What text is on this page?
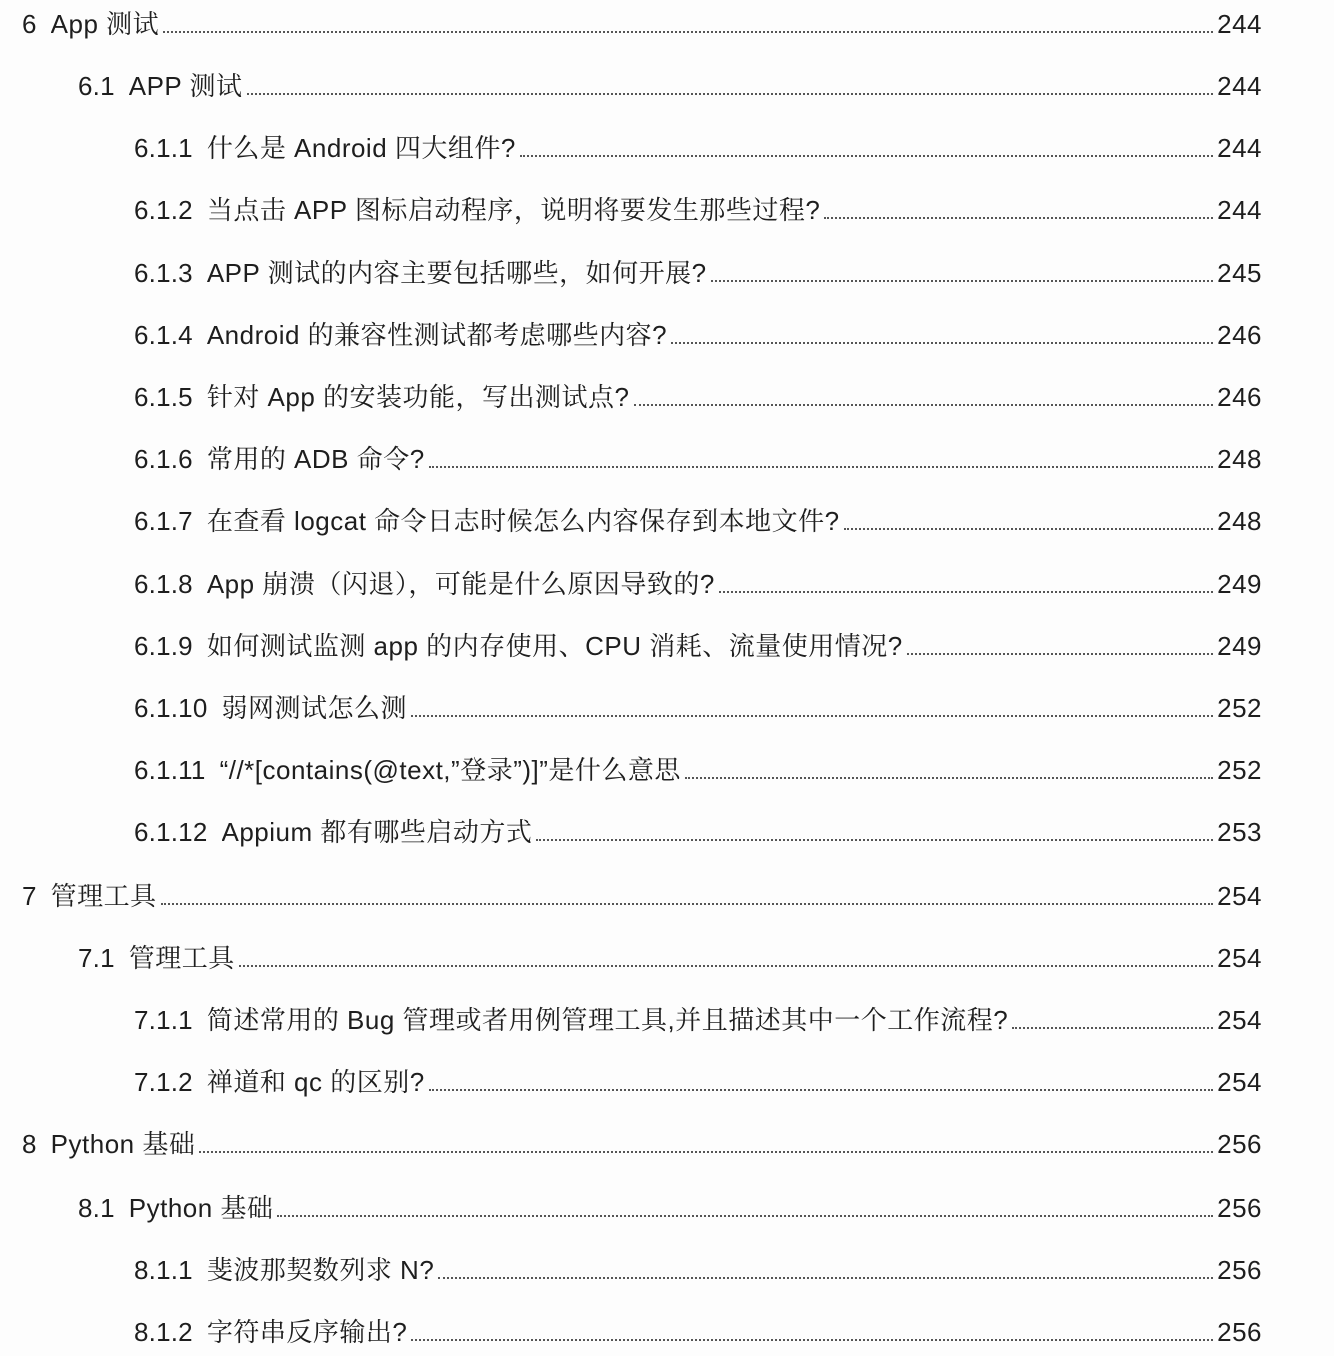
6 App 测试	244
6.1 APP 测试	244
6.1.1 什么是 Android 四大组件?	244
6.1.2 当点击 APP 图标启动程序，说明将要发生那些过程?	244
6.1.3 APP 测试的内容主要包括哪些，如何开展?	245
6.1.4 Android 的兼容性测试都考虑哪些内容?	246
6.1.5 针对 App 的安装功能，写出测试点?	246
6.1.6 常用的 ADB 命令?	248
6.1.7 在查看 logcat 命令日志时候怎么内容保存到本地文件?	248
6.1.8 App 崩溃（闪退），可能是什么原因导致的?	249
6.1.9 如何测试监测 app 的内存使用、CPU 消耗、流量使用情况?	249
6.1.10 弱网测试怎么测	252
6.1.11 “//*[contains(@text,”登录”)]”是什么意思	252
6.1.12 Appium 都有哪些启动方式	253
7 管理工具	254
7.1 管理工具	254
7.1.1 简述常用的 Bug 管理或者用例管理工具,并且描述其中一个工作流程?	254
7.1.2 禅道和 qc 的区别?	254
8 Python 基础	256
8.1 Python 基础	256
8.1.1 斐波那契数列求 N?	256
8.1.2 字符串反序输出?	256
